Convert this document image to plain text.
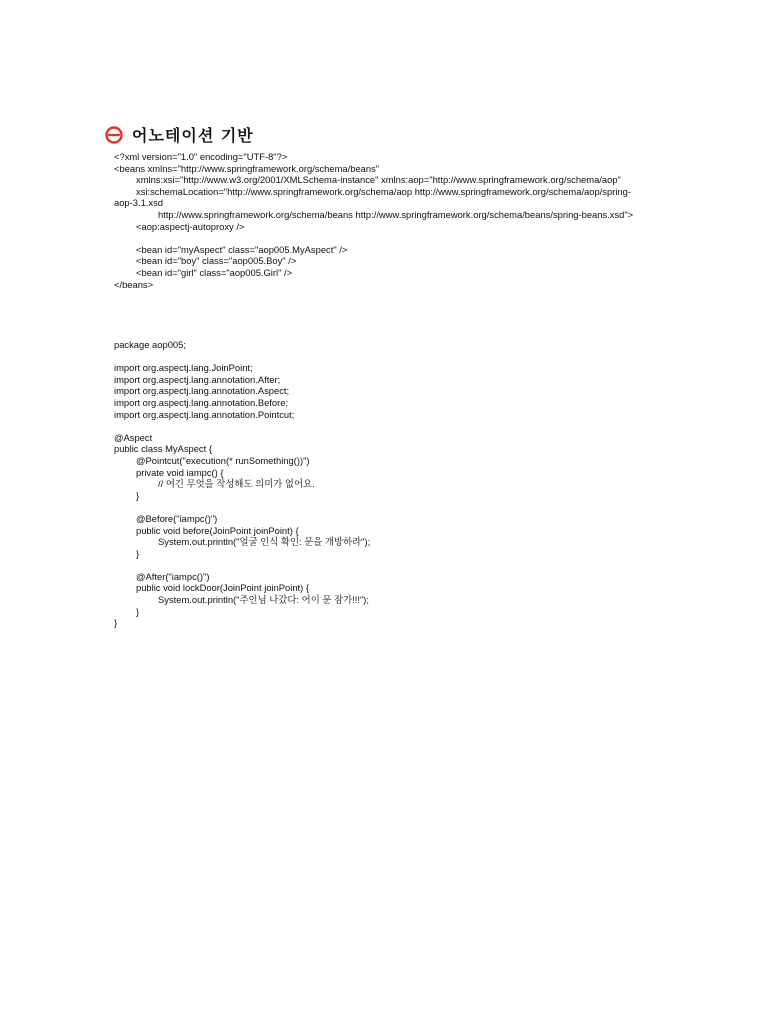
어노테이션 기반
<?xml version="1.0" encoding="UTF-8"?>
<beans xmlns="http://www.springframework.org/schema/beans"
xmlns:xsi="http://www.w3.org/2001/XMLSchema-instance" xmlns:aop="http://www.springframework.org/schema/aop"
xsi:schemaLocation="http://www.springframework.org/schema/aop http://www.springframework.org/schema/aop/spring-
aop-3.1.xsd
http://www.springframework.org/schema/beans http://www.springframework.org/schema/beans/spring-beans.xsd">
<aop:aspectj-autoproxy />
<bean id="myAspect" class="aop005.MyAspect" />
<bean id="boy" class="aop005.Boy" />
<bean id="girl" class="aop005.Girl" />
</beans>
package aop005;
import org.aspectj.lang.JoinPoint;
import org.aspectj.lang.annotation.After;
import org.aspectj.lang.annotation.Aspect;
import org.aspectj.lang.annotation.Before;
import org.aspectj.lang.annotation.Pointcut;
@Aspect
public class MyAspect {
@Pointcut("execution(* runSomething())")
private void iampc() {
// 여긴 무엇을 작성해도 의미가 없어요.
}
@Before("iampc()")
public void before(JoinPoint joinPoint) {
System.out.println("얼굴 인식 확인: 문을 개방하라");
}
@After("iampc()")
public void lockDoor(JoinPoint joinPoint) {
System.out.println("주인님 나갔다: 어이 문 잠가!!!");
}
}
